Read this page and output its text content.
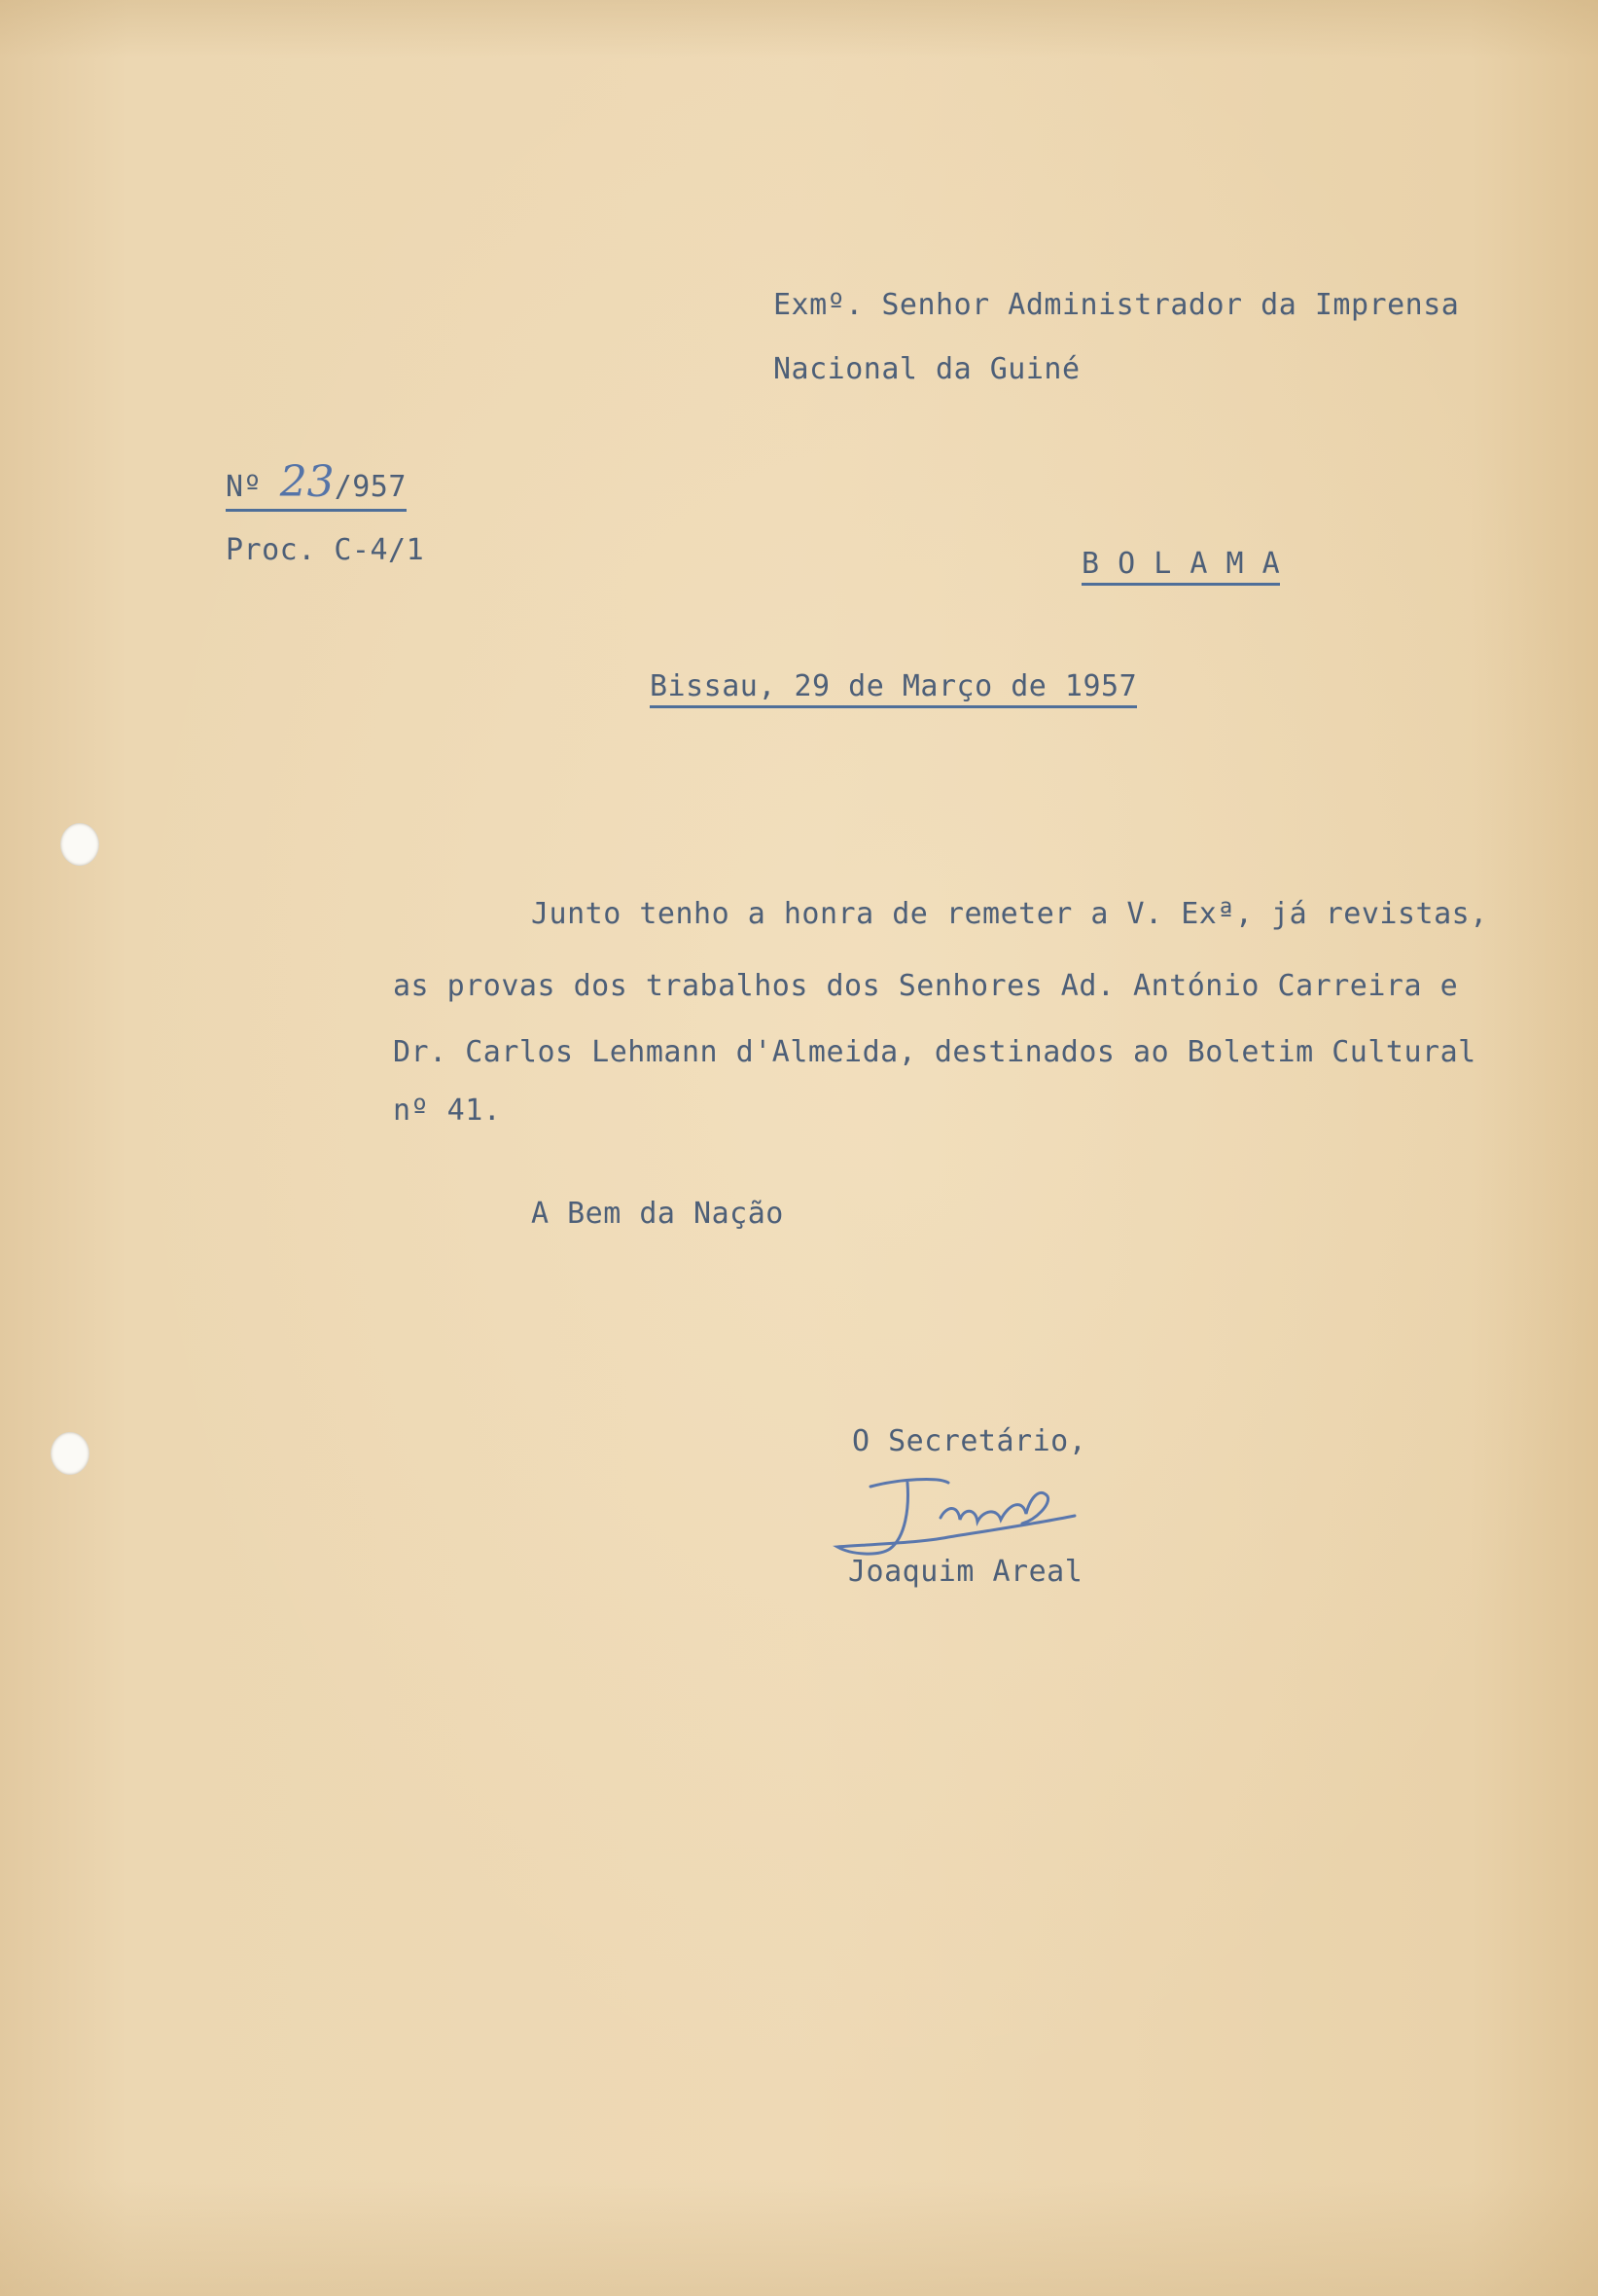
Exmº. Senhor Administrador da Imprensa
Nacional da Guiné
Nº 23/957
Proc. C-4/1	B O L A M A
Bissau, 29 de Março de 1957
Junto tenho a honra de remeter a V. Exª, já revistas,
as provas dos trabalhos dos Senhores Ad. António Carreira e
Dr. Carlos Lehmann d'Almeida, destinados ao Boletim Cultural
nº 41.
A Bem da Nação
O Secretário,
Joaquim Areal
